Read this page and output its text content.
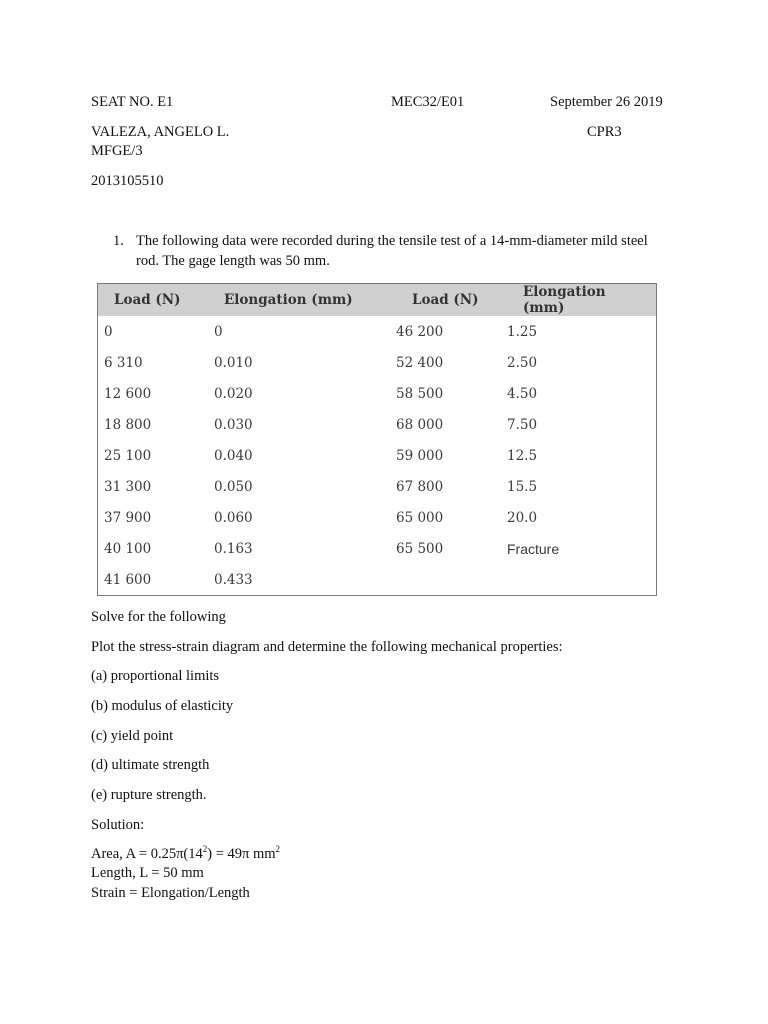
SEAT NO. E1	MEC32/E01	September 26 2019
VALEZA, ANGELO L.	CPR3
MFGE/3
2013105510
1. The following data were recorded during the tensile test of a 14-mm-diameter mild steel rod. The gage length was 50 mm.
Load (N)	Elongation (mm)	Load (N)	Elongation (mm)
0	0	46 200	1.25
6 310	0.010	52 400	2.50
12 600	0.020	58 500	4.50
18 800	0.030	68 000	7.50
25 100	0.040	59 000	12.5
31 300	0.050	67 800	15.5
37 900	0.060	65 000	20.0
40 100	0.163	65 500	Fracture
41 600	0.433		
Solve for the following
Plot the stress-strain diagram and determine the following mechanical properties:
(a) proportional limits
(b) modulus of elasticity
(c) yield point
(d) ultimate strength
(e) rupture strength.
Solution:
Area, $A = 0.25\pi(14^2) = 49\pi$ $mm^2$
Length, L = 50 mm
Strain = Elongation/Length
